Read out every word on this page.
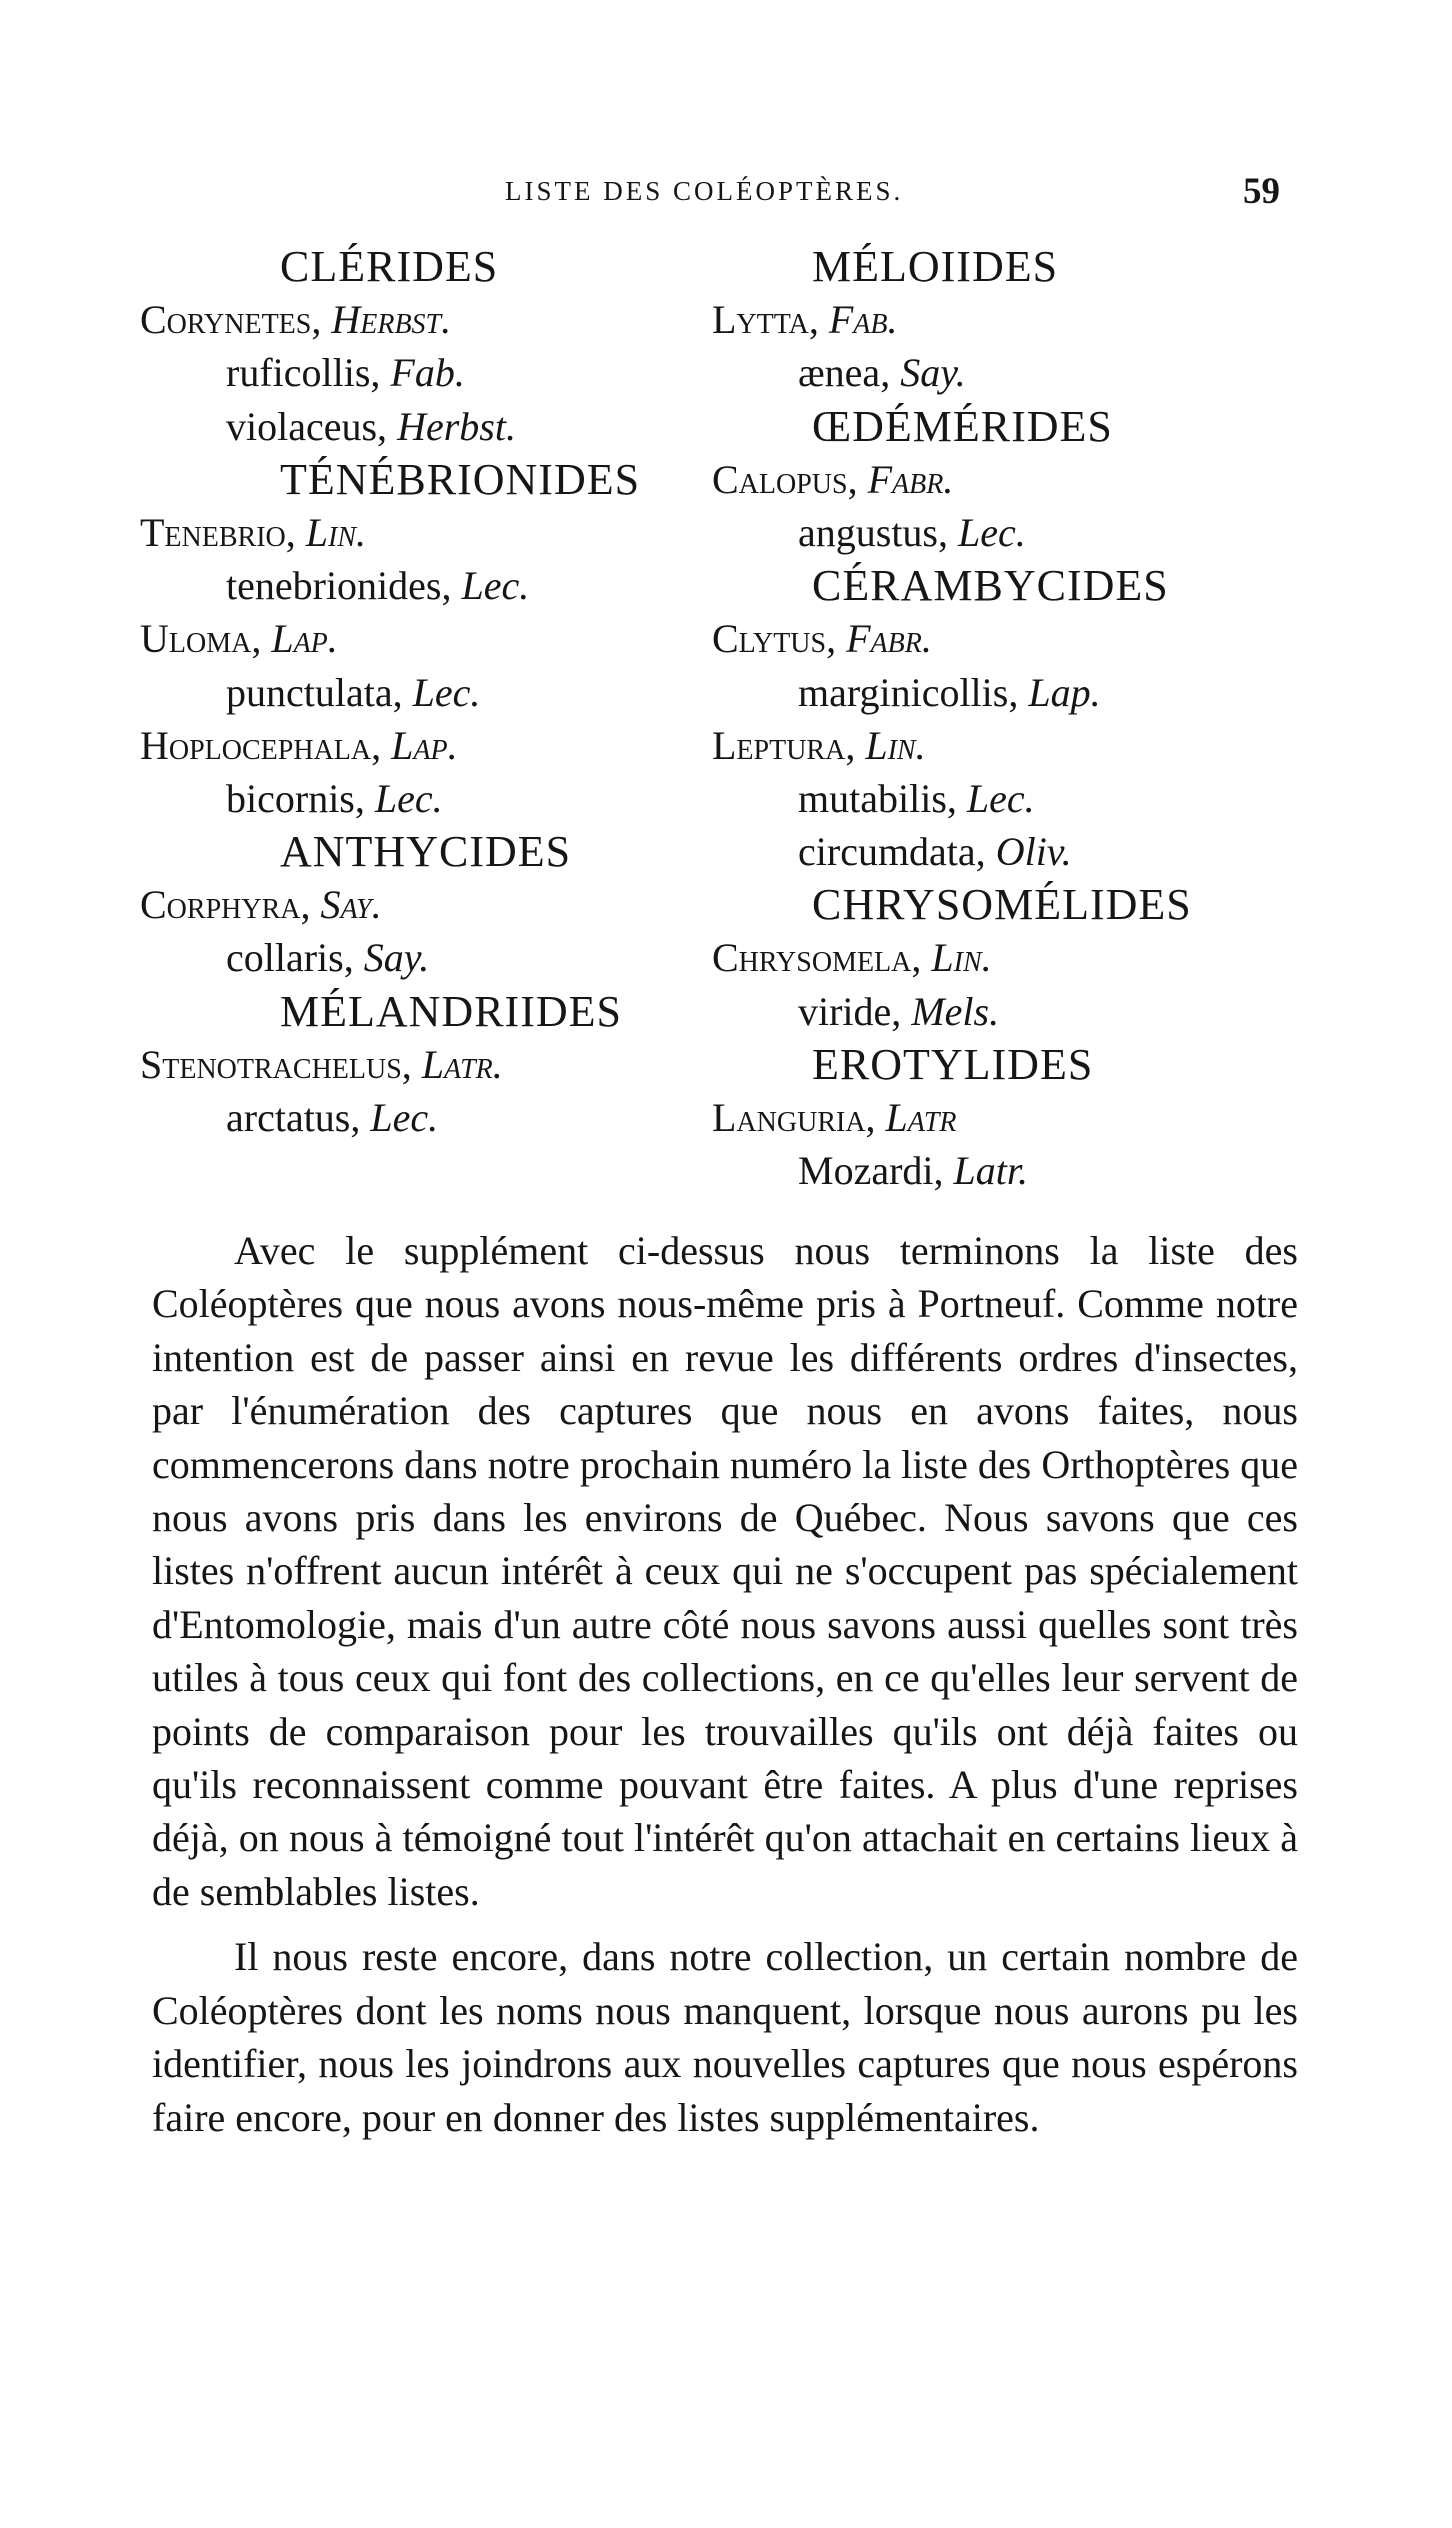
LISTE DES COLÉOPTÈRES.	59
CLÉRIDES
Corynetes, Herbst.
ruficollis, Fab.
violaceus, Herbst.
TÉNÉBRIONIDES
Tenebrio, Lin.
tenebrionides, Lec.
Uloma, Lap.
punctulata, Lec.
Hoplocephala, Lap.
bicornis, Lec.
ANTHYCIDES
Corphyra, Say.
collaris, Say.
MÉLANDRIIDES
Stenotrachelus, Latr.
arctatus, Lec.
MÉLOIIDES
Lytta, Fab.
ænea, Say.
ŒDÉMÉRIDES
Calopus, Fabr.
angustus, Lec.
CÉRAMBYCIDES
Clytus, Fabr.
marginicollis, Lap.
Leptura, Lin.
mutabilis, Lec.
circumdata, Oliv.
CHRYSOMÉLIDES
Chrysomela, Lin.
viride, Mels.
EROTYLIDES
Languria, Latr
Mozardi, Latr.

Avec le supplément ci-dessus nous terminons la liste des Coléoptères que nous avons nous-même pris à Portneuf. Comme notre intention est de passer ainsi en revue les différents ordres d'insectes, par l'énumération des captures que nous en avons faites, nous commencerons dans notre prochain numéro la liste des Orthoptères que nous avons pris dans les environs de Québec. Nous savons que ces listes n'offrent aucun intérêt à ceux qui ne s'occupent pas spécialement d'Entomologie, mais d'un autre côté nous savons aussi quelles sont très utiles à tous ceux qui font des collections, en ce qu'elles leur servent de points de comparaison pour les trouvailles qu'ils ont déjà faites ou qu'ils reconnaissent comme pouvant être faites. A plus d'une reprises déjà, on nous à témoigné tout l'intérêt qu'on attachait en certains lieux à de semblables listes.

Il nous reste encore, dans notre collection, un certain nombre de Coléoptères dont les noms nous manquent, lorsque nous aurons pu les identifier, nous les joindrons aux nouvelles captures que nous espérons faire encore, pour en donner des listes supplémentaires.
